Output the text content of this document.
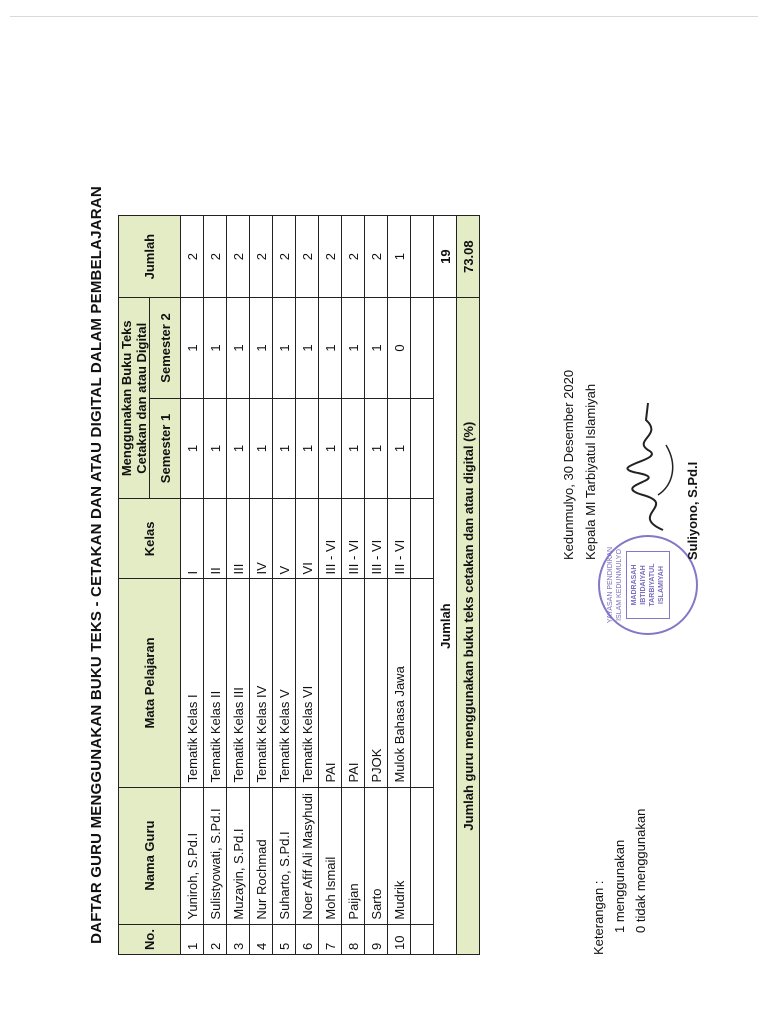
DAFTAR GURU MENGGUNAKAN BUKU TEKS - CETAKAN DAN ATAU DIGITAL DALAM PEMBELAJARAN	No.	Nama Guru	Mata Pelajaran	Kelas	Menggunakan Buku Teks Cetakan dan atau Digital		Jumlah
				Semester 1	Semester 2	
1	Yuniroh, S.Pd.I	Tematik Kelas I	I	1	1	2
2	Sulistyowati, S.Pd.I	Tematik Kelas II	II	1	1	2
3	Muzayin, S.Pd.I	Tematik Kelas III	III	1	1	2
4	Nur Rochmad	Tematik Kelas IV	IV	1	1	2
5	Suharto, S.Pd.I	Tematik Kelas V	V	1	1	2
6	Noer Afif Ali Masyhudi	Tematik Kelas VI	VI	1	1	2
7	Moh Ismail	PAI	III - VI	1	1	2
8	Paijan	PAI	III - VI	1	1	2
9	Sarto	PJOK	III - VI	1	1	2
10	Mudrik	Mulok Bahasa Jawa	III - VI	1	0	1

Jumlah						19
Jumlah guru menggunakan buku teks cetakan dan atau digital (%)						73.08
Keterangan : 1 menggunakan 0 tidak menggunakan
YAYASAN PENDIDIKAN ISLAM KEDUNMULYO	MADRASAH IBTIDAIYAH TARBIYATUL ISLAMIYAH
Kedunmulyo, 30 Desember 2020 Kepala MI Tarbiyatul Islamiyah	Suliyono, S.Pd.I
